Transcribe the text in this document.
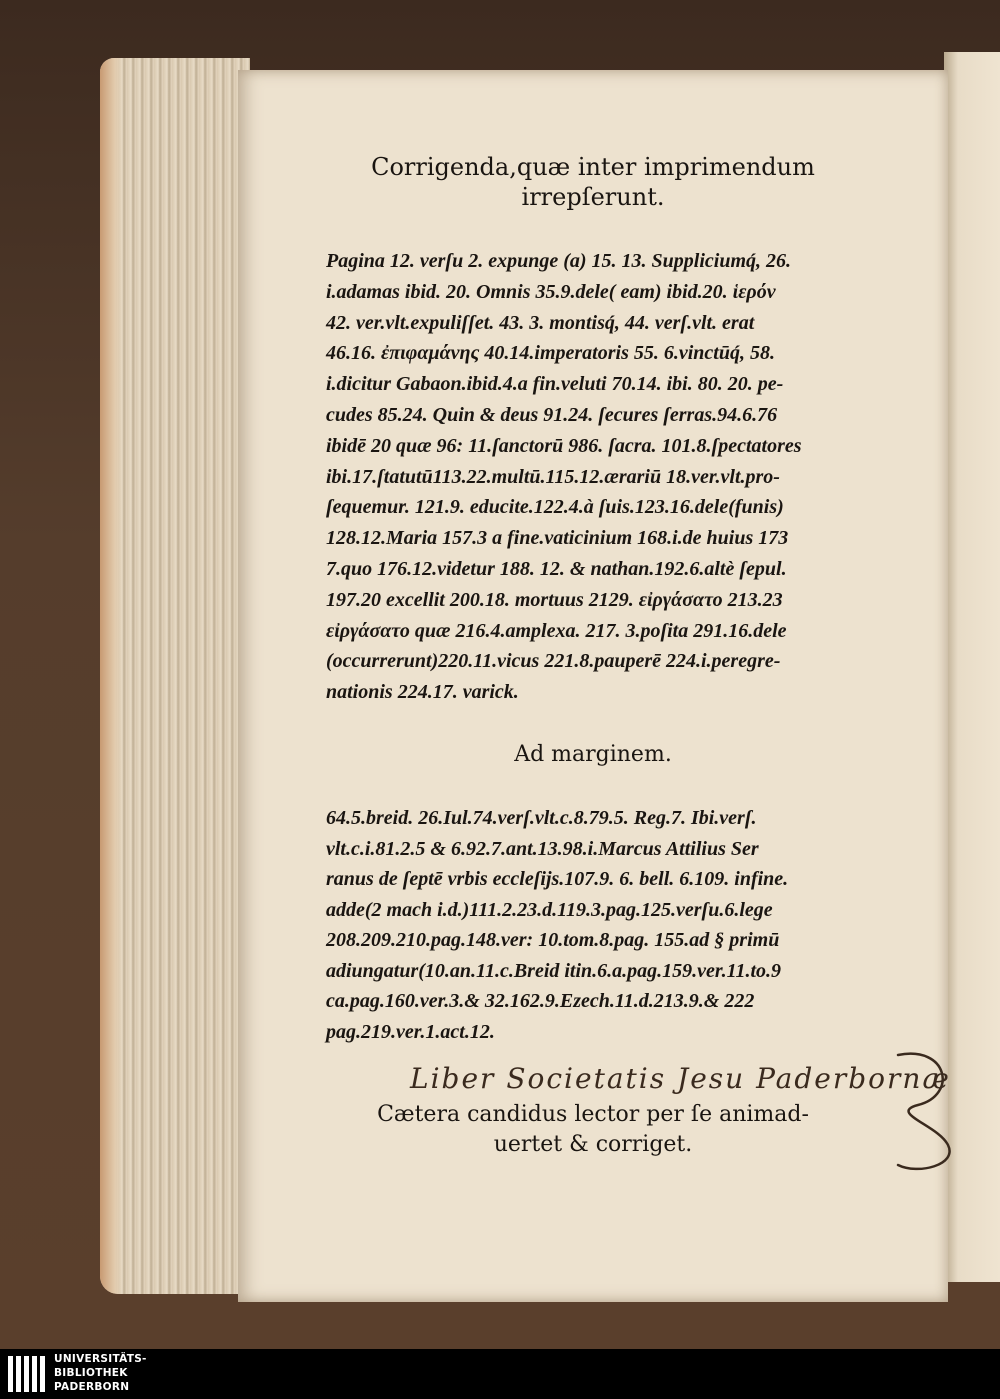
Corrigenda,quæ inter imprimendum
irrepſerunt.
Pagina 12. verſu 2. expunge (a) 15. 13. Suppliciumq́, 26.
i.adamas ibid. 20. Omnis 35.9.dele( eam) ibid.20. ἱερόν
42. ver.vlt.expuliſſet. 43. 3. montisq́, 44. verſ.vlt. erat
46.16. ἐπιφαμάνης 40.14.imperatoris 55. 6.vinctūq́, 58.
i.dicitur Gabaon.ibid.4.a fin.veluti 70.14. ibi. 80. 20. pe-
cudes 85.24. Quin & deus 91.24. ſecures ſerras.94.6.76
ibidē 20 quæ 96: 11.ſanctorū 986. ſacra. 101.8.ſpectatores
ibi.17.ſtatutū113.22.multū.115.12.ærariū 18.ver.vlt.pro-
ſequemur. 121.9. educite.122.4.à ſuis.123.16.dele(funis)
128.12.Maria 157.3 a fine.vaticinium 168.i.de huius 173
7.quo 176.12.videtur 188. 12. & nathan.192.6.altè ſepul.
197.20 excellit 200.18. mortuus 2129. εἰργάσατο 213.23
εἰργάσατο quæ 216.4.amplexa. 217. 3.poſita 291.16.dele
(occurrerunt)220.11.vicus 221.8.pauperē 224.i.peregre-
nationis 224.17. varick.
Ad marginem.
64.5.breid. 26.Iul.74.verſ.vlt.c.8.79.5. Reg.7. Ibi.verſ.
vlt.c.i.81.2.5 & 6.92.7.ant.13.98.i.Marcus Attilius Ser
ranus de ſeptē vrbis eccleſijs.107.9. 6. bell. 6.109. infine.
adde(2 mach i.d.)111.2.23.d.119.3.pag.125.verſu.6.lege
208.209.210.pag.148.ver: 10.tom.8.pag. 155.ad § primū
adiungatur(10.an.11.c.Breid itin.6.a.pag.159.ver.11.to.9
ca.pag.160.ver.3.& 32.162.9.Ezech.11.d.213.9.& 222
pag.219.ver.1.act.12.
Liber Societatis Jesu Paderbornæ
Cætera candidus lector per ſe animad-
uertet & corriget.
UNIVERSITÄTS-
BIBLIOTHEK
PADERBORN
